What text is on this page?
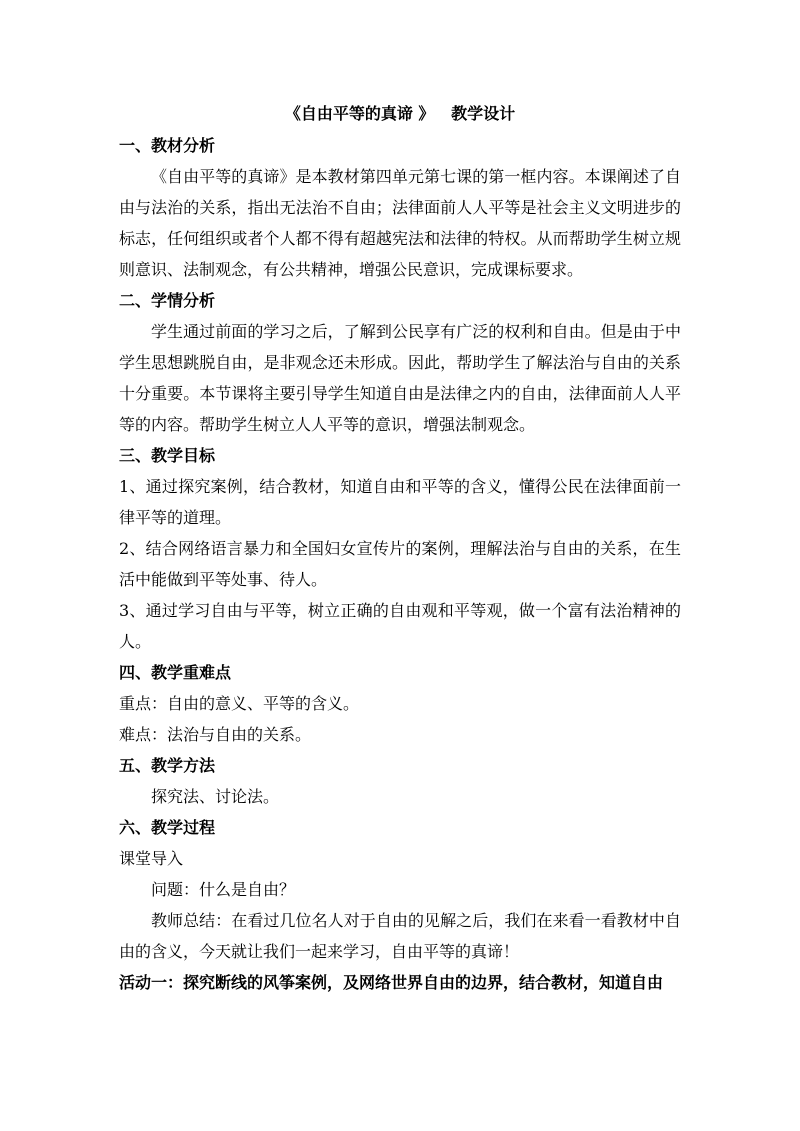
《自由平等的真谛 》   教学设计

一、教材分析

《自由平等的真谛》是本教材第四单元第七课的第一框内容。本课阐述了自由与法治的关系，指出无法治不自由；法律面前人人平等是社会主义文明进步的标志，任何组织或者个人都不得有超越宪法和法律的特权。从而帮助学生树立规则意识、法制观念，有公共精神，增强公民意识，完成课标要求。

二、学情分析

学生通过前面的学习之后，了解到公民享有广泛的权利和自由。但是由于中学生思想跳脱自由，是非观念还未形成。因此，帮助学生了解法治与自由的关系十分重要。本节课将主要引导学生知道自由是法律之内的自由，法律面前人人平等的内容。帮助学生树立人人平等的意识，增强法制观念。

三、教学目标

1、通过探究案例，结合教材，知道自由和平等的含义，懂得公民在法律面前一律平等的道理。

2、结合网络语言暴力和全国妇女宣传片的案例，理解法治与自由的关系，在生活中能做到平等处事、待人。

3、通过学习自由与平等，树立正确的自由观和平等观，做一个富有法治精神的人。

四、教学重难点

重点：自由的意义、平等的含义。

难点：法治与自由的关系。

五、教学方法

探究法、讨论法。

六、教学过程

课堂导入

问题：什么是自由？

教师总结：在看过几位名人对于自由的见解之后，我们在来看一看教材中自由的含义，今天就让我们一起来学习，自由平等的真谛！

活动一：探究断线的风筝案例，及网络世界自由的边界，结合教材，知道自由
